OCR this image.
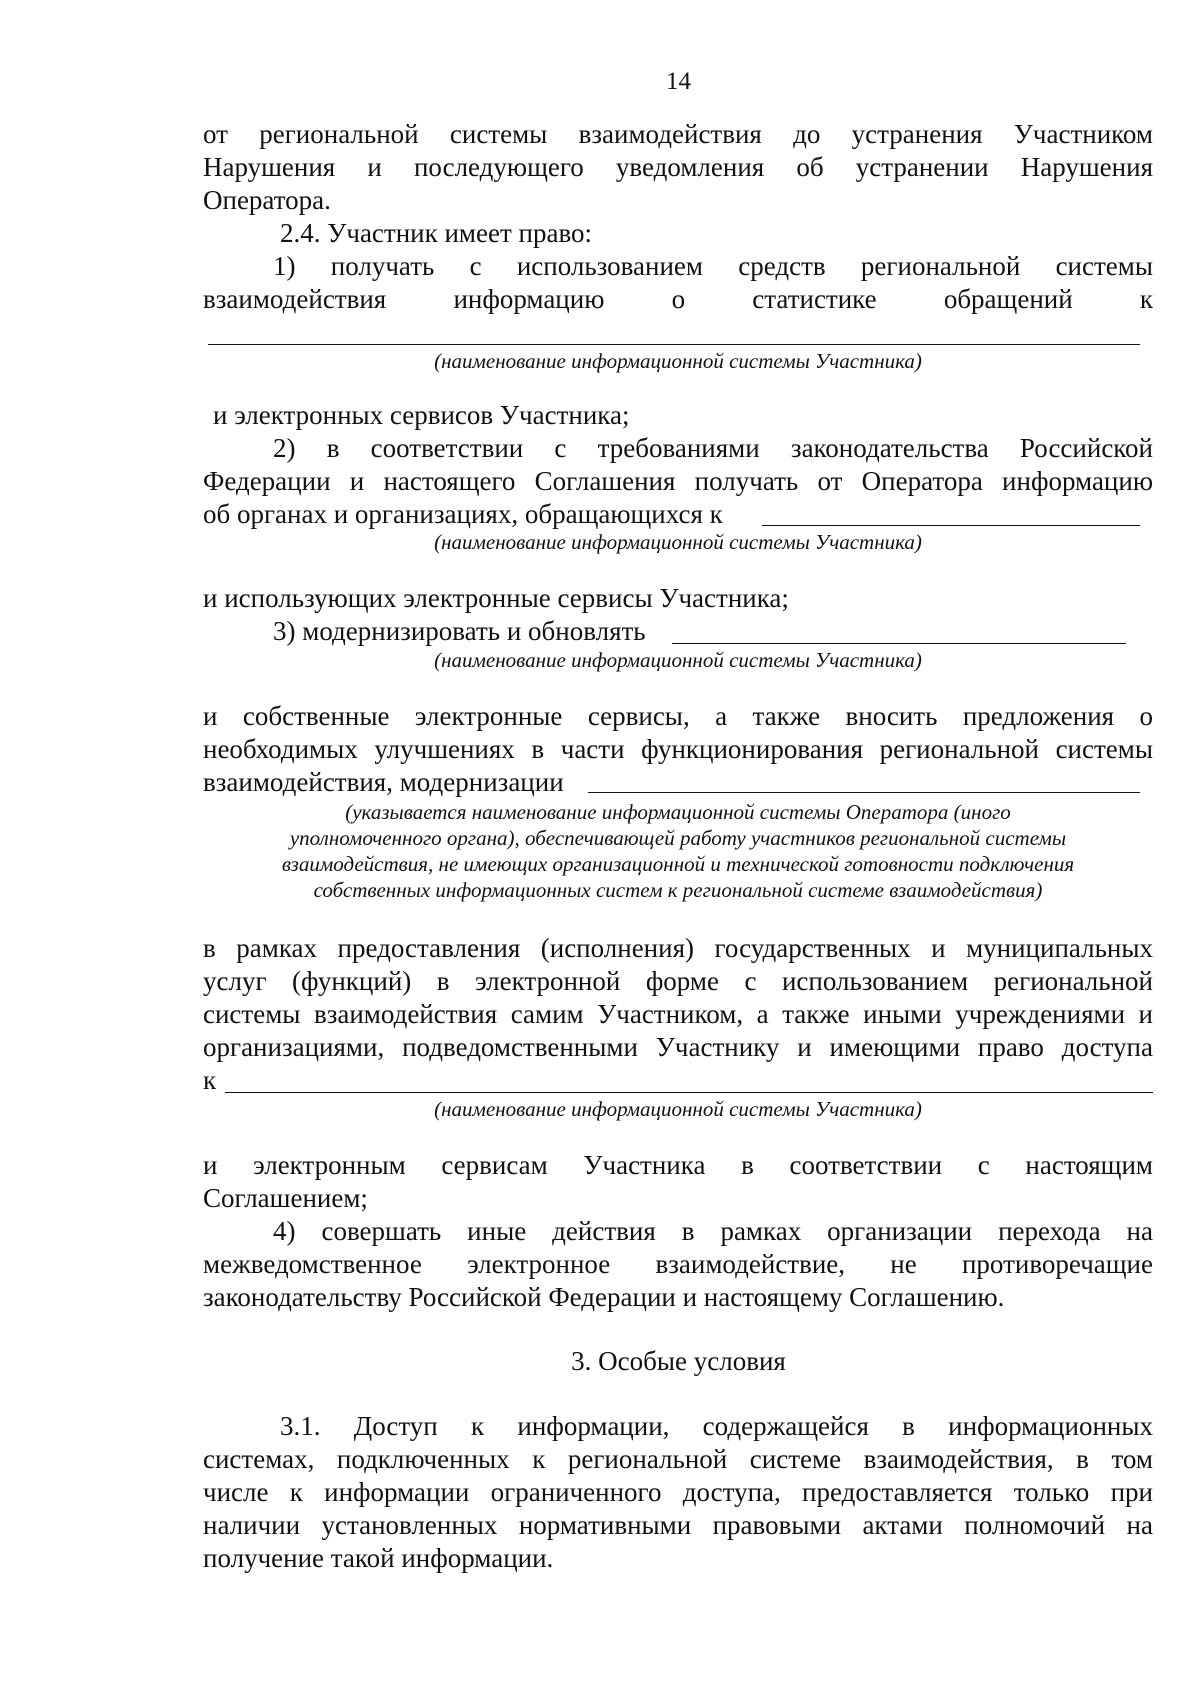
14

от региональной системы взаимодействия до устранения Участником

Нарушения и последующего уведомления об устранении Нарушения

Оператора.

2.4. Участник имеет право:

1) получать с использованием средств региональной системы

взаимодействия информацию о статистике обращений к

(наименование информационной системы Участника)

и электронных сервисов Участника;

2) в соответствии с требованиями законодательства Российской

Федерации и настоящего Соглашения получать от Оператора информацию

об органах и организациях, обращающихся к

(наименование информационной системы Участника)

и использующих электронные сервисы Участника;

3) модернизировать и обновлять

(наименование информационной системы Участника)

и собственные электронные сервисы, а также вносить предложения о

необходимых улучшениях в части функционирования региональной системы

взаимодействия, модернизации

(указывается наименование информационной системы Оператора (иного

уполномоченного органа), обеспечивающей работу участников региональной системы

взаимодействия, не имеющих организационной и технической готовности подключения

собственных информационных систем к региональной системе взаимодействия)

в рамках предоставления (исполнения) государственных и муниципальных

услуг (функций) в электронной форме с использованием региональной

системы взаимодействия самим Участником, а также иными учреждениями и

организациями, подведомственными Участнику и имеющими право доступа

к

(наименование информационной системы Участника)

и электронным сервисам Участника в соответствии с настоящим

Соглашением;

4) совершать иные действия в рамках организации перехода на

межведомственное электронное взаимодействие, не противоречащие

законодательству Российской Федерации и настоящему Соглашению.

3. Особые условия

3.1. Доступ к информации, содержащейся в информационных

системах, подключенных к региональной системе взаимодействия, в том

числе к информации ограниченного доступа, предоставляется только при

наличии установленных нормативными правовыми актами полномочий на

получение такой информации.
